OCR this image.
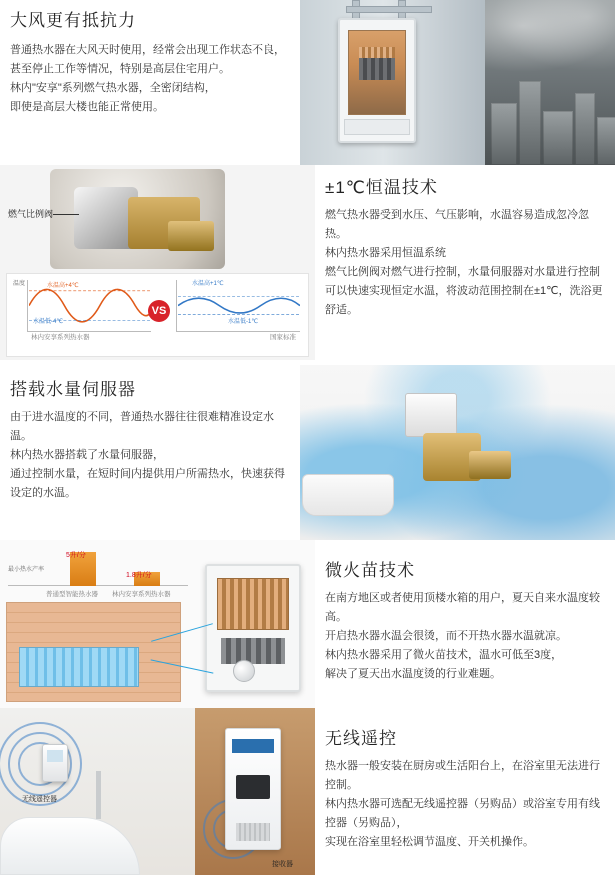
大风更有抵抗力

普通热水器在大风天时使用，经常会出现工作状态不良，

甚至停止工作等情况，特别是高层住宅用户。

林内"安享"系列燃气热水器，全密闭结构，

即使是高层大楼也能正常使用。

燃气比例阀
温度	水温高+4℃
水温低-4℃
林内安享系列热水器
VS
水温高+1℃
水温低-1℃
国家标准
±1℃恒温技术

燃气热水器受到水压、气压影响，水温容易造成忽冷忽热。

林内热水器采用恒温系统

燃气比例阀对燃气进行控制，水量伺服器对水量进行控制

可以快速实现恒定水温，将波动范围控制在±1℃，洗浴更舒适。

搭载水量伺服器

由于进水温度的不同，普通热水器往往很难精准设定水温。

林内热水器搭载了水量伺服器，

通过控制水量，在短时间内提供用户所需热水，快速获得设定的水温。

最小热水产率
5升/分
1.8升/分
普通型智能热水器 林内安享系列热水器
微火苗技术

在南方地区或者使用顶楼水箱的用户，夏天自来水温度较高。

开启热水器水温会很烫，而不开热水器水温就凉。

林内热水器采用了微火苗技术，温水可低至3度，

解决了夏天出水温度烫的行业难题。

无线遥控器
接收器
无线遥控

热水器一般安装在厨房或生活阳台上，在浴室里无法进行控制。

林内热水器可选配无线遥控器（另购品）或浴室专用有线控器（另购品），

实现在浴室里轻松调节温度、开关机操作。
